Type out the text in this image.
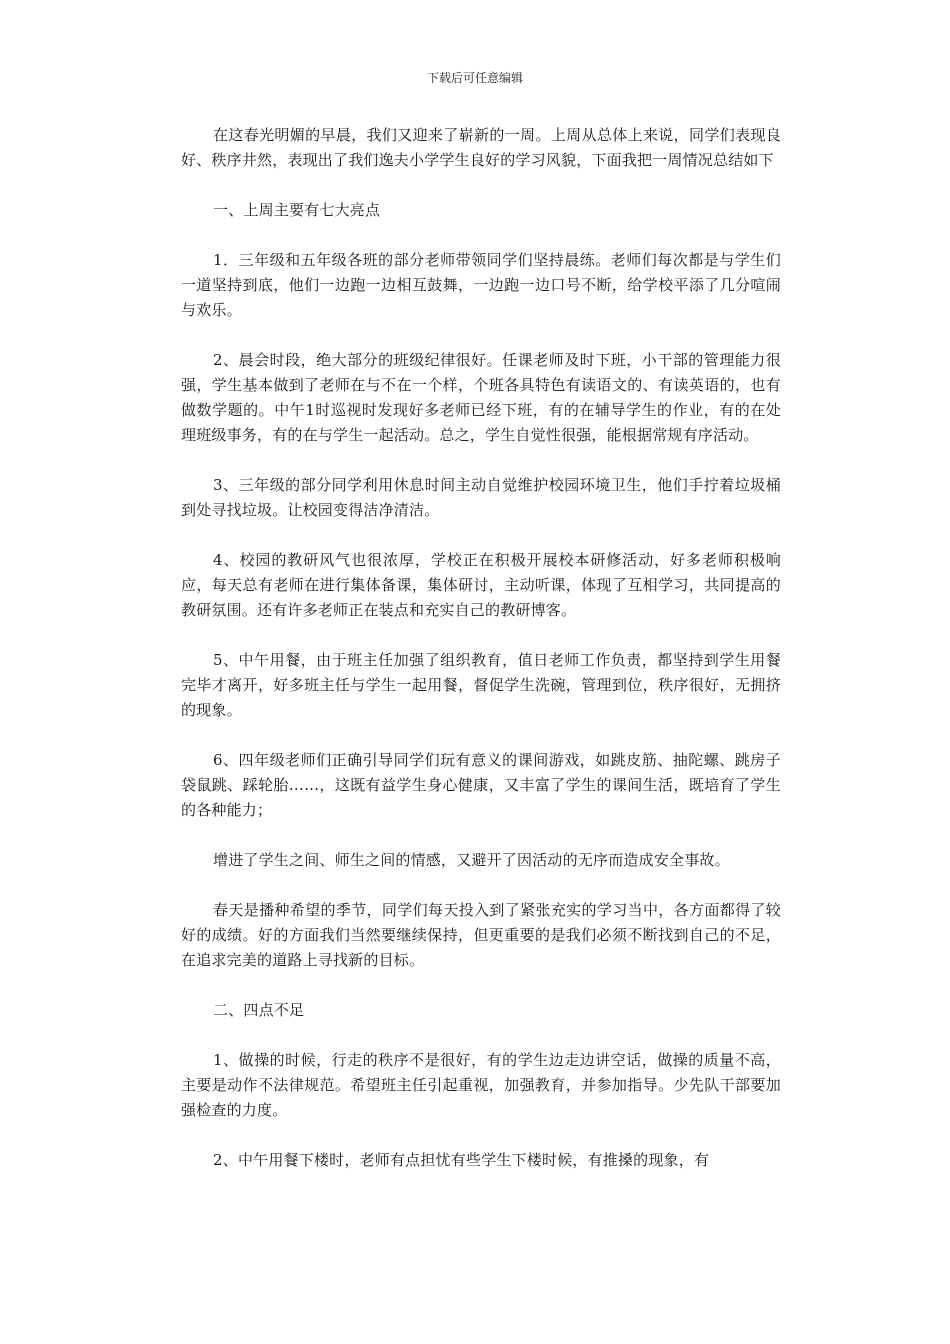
下载后可任意编辑

在这春光明媚的早晨，我们又迎来了崭新的一周。上周从总体上来说，同学们表现良好、秩序井然，表现出了我们逸夫小学学生良好的学习风貌，下面我把一周情况总结如下

一、上周主要有七大亮点

1．三年级和五年级各班的部分老师带领同学们坚持晨练。老师们每次都是与学生们一道坚持到底，他们一边跑一边相互鼓舞，一边跑一边口号不断，给学校平添了几分喧闹与欢乐。

2、晨会时段，绝大部分的班级纪律很好。任课老师及时下班，小干部的管理能力很强，学生基本做到了老师在与不在一个样，个班各具特色有读语文的、有读英语的，也有做数学题的。中午1时巡视时发现好多老师已经下班，有的在辅导学生的作业，有的在处理班级事务，有的在与学生一起活动。总之，学生自觉性很强，能根据常规有序活动。

3、三年级的部分同学利用休息时间主动自觉维护校园环境卫生，他们手拧着垃圾桶到处寻找垃圾。让校园变得洁净清洁。

4、校园的教研风气也很浓厚，学校正在积极开展校本研修活动，好多老师积极响应，每天总有老师在进行集体备课，集体研讨，主动听课，体现了互相学习，共同提高的教研氛围。还有许多老师正在装点和充实自己的教研博客。

5、中午用餐，由于班主任加强了组织教育，值日老师工作负责，都坚持到学生用餐完毕才离开，好多班主任与学生一起用餐，督促学生洗碗，管理到位，秩序很好，无拥挤的现象。

6、四年级老师们正确引导同学们玩有意义的课间游戏，如跳皮筋、抽陀螺、跳房子袋鼠跳、踩轮胎……，这既有益学生身心健康，又丰富了学生的课间生活，既培育了学生的各种能力；

增进了学生之间、师生之间的情感，又避开了因活动的无序而造成安全事故。

春天是播种希望的季节，同学们每天投入到了紧张充实的学习当中，各方面都得了较好的成绩。好的方面我们当然要继续保持，但更重要的是我们必须不断找到自己的不足，在追求完美的道路上寻找新的目标。

二、四点不足

1、做操的时候，行走的秩序不是很好，有的学生边走边讲空话，做操的质量不高，主要是动作不法律规范。希望班主任引起重视，加强教育，并参加指导。少先队干部要加强检查的力度。

2、中午用餐下楼时，老师有点担忧有些学生下楼时候，有推搡的现象，有
